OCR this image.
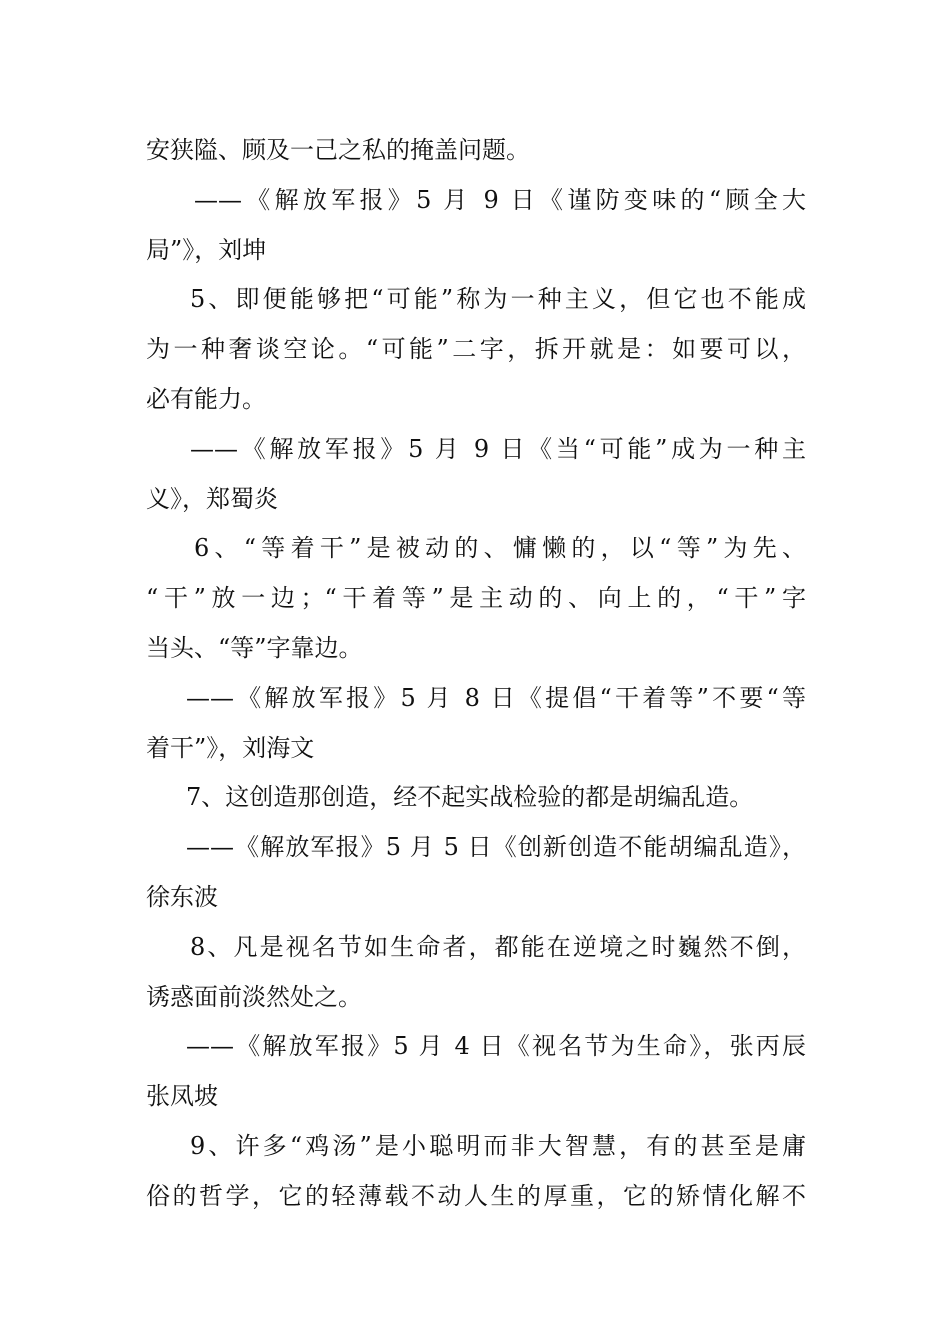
安狭隘、顾及一己之私的掩盖问题。
——《解放军报》5 月 9 日《谨防变味的“顾全大
局”》，刘坤
5、即便能够把“可能”称为一种主义，但它也不能成
为一种奢谈空论。“可能”二字，拆开就是：如要可以，
必有能力。
——《解放军报》5 月 9 日《当“可能”成为一种主
义》，郑蜀炎
6、“等着干”是被动的、慵懒的，以“等”为先、
“干”放一边；“干着等”是主动的、向上的，“干”字
当头、“等”字靠边。
——《解放军报》5 月 8 日《提倡“干着等”不要“等
着干”》，刘海文
7、这创造那创造，经不起实战检验的都是胡编乱造。
——《解放军报》5 月 5 日《创新创造不能胡编乱造》，
徐东波
8、凡是视名节如生命者，都能在逆境之时巍然不倒，
诱惑面前淡然处之。
——《解放军报》5 月 4 日《视名节为生命》，张丙辰
张凤坡
9、许多“鸡汤”是小聪明而非大智慧，有的甚至是庸
俗的哲学，它的轻薄载不动人生的厚重，它的矫情化解不
